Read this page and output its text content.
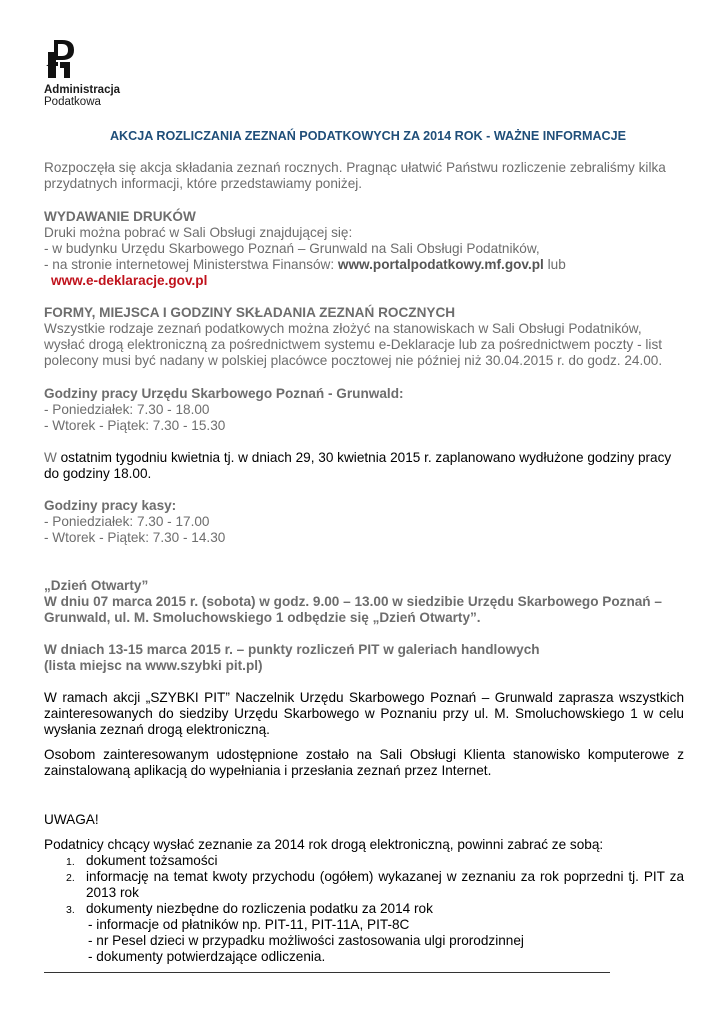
Administracja
Podatkowa
AKCJA ROZLICZANIA ZEZNAŃ PODATKOWYCH ZA 2014 ROK - WAŻNE INFORMACJE

Rozpoczęła się akcja składania zeznań rocznych. Pragnąc ułatwić Państwu rozliczenie zebraliśmy kilka przydatnych informacji, które przedstawiamy poniżej.

WYDAWANIE DRUKÓW
Druki można pobrać w Sali Obsługi znajdującej się:
- w budynku Urzędu Skarbowego Poznań – Grunwald na Sali Obsługi Podatników,
- na stronie internetowej Ministerstwa Finansów: www.portalpodatkowy.mf.gov.pl lub
www.e-deklaracje.gov.pl
FORMY, MIEJSCA I GODZINY SKŁADANIA ZEZNAŃ ROCZNYCH
Wszystkie rodzaje zeznań podatkowych można złożyć na stanowiskach w Sali Obsługi Podatników, wysłać drogą elektroniczną za pośrednictwem systemu e-Deklaracje lub za pośrednictwem poczty - list polecony musi być nadany w polskiej placówce pocztowej nie później niż 30.04.2015 r. do godz. 24.00.
Godziny pracy Urzędu Skarbowego Poznań - Grunwald:
- Poniedziałek: 7.30 - 18.00
- Wtorek - Piątek: 7.30 - 15.30
W ostatnim tygodniu kwietnia tj. w dniach 29, 30 kwietnia 2015 r. zaplanowano wydłużone godziny pracy
do godziny 18.00.
Godziny pracy kasy:
- Poniedziałek: 7.30 - 17.00
- Wtorek - Piątek: 7.30 - 14.30
„Dzień Otwarty”
W dniu 07 marca 2015 r. (sobota) w godz. 9.00 – 13.00 w siedzibie Urzędu Skarbowego Poznań –
Grunwald, ul. M. Smoluchowskiego 1 odbędzie się „Dzień Otwarty”.
W dniach 13-15 marca 2015 r. – punkty rozliczeń PIT w galeriach handlowych
(lista miejsc na www.szybki pit.pl)

W ramach akcji „SZYBKI PIT” Naczelnik Urzędu Skarbowego Poznań – Grunwald zaprasza wszystkich zainteresowanych do siedziby Urzędu Skarbowego w Poznaniu przy ul. M. Smoluchowskiego 1 w celu wysłania zeznań drogą elektroniczną.

Osobom zainteresowanym udostępnione zostało na Sali Obsługi Klienta stanowisko komputerowe z zainstalowaną aplikacją do wypełniania i przesłania zeznań przez Internet.

UWAGA!
Podatnicy chcący wysłać zeznanie za 2014 rok drogą elektroniczną, powinni zabrać ze sobą:
1. dokument tożsamości
2. informację na temat kwoty przychodu (ogółem) wykazanej w zeznaniu za rok poprzedni tj. PIT za 2013 rok
3. dokumenty niezbędne do rozliczenia podatku za 2014 rok
- informacje od płatników np. PIT-11, PIT-11A, PIT-8C
- nr Pesel dzieci w przypadku możliwości zastosowania ulgi prorodzinnej
- dokumenty potwierdzające odliczenia.
